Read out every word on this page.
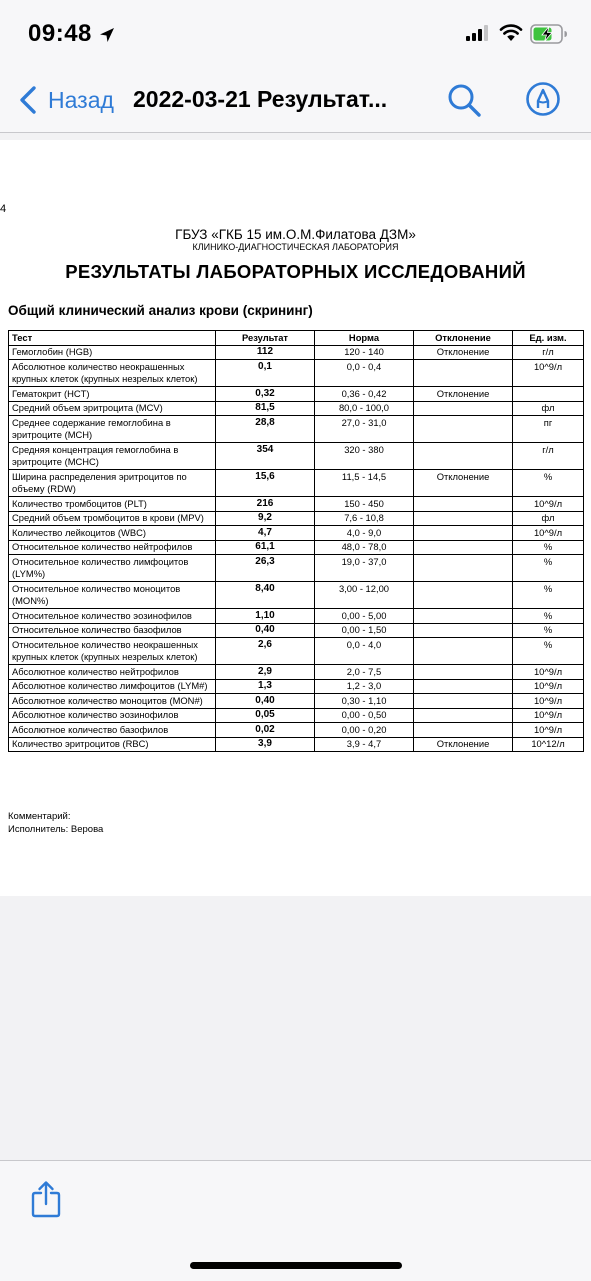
09:48
Назад 2022-03-21 Результат...
4
ГБУЗ «ГКБ 15 им.О.М.Филатова ДЗМ»
КЛИНИКО-ДИАГНОСТИЧЕСКАЯ ЛАБОРАТОРИЯ
РЕЗУЛЬТАТЫ ЛАБОРАТОРНЫХ ИССЛЕДОВАНИЙ
Общий клинический анализ крови (скрининг)
Тест	Результат	Норма	Отклонение	Ед. изм.
Гемоглобин (HGB)	112	120 - 140	Отклонение	г/л
Абсолютное количество неокрашенных крупных клеток (крупных незрелых клеток)	0,1	0,0 - 0,4		10^9/л
Гематокрит (HCT)	0,32	0,36 - 0,42	Отклонение	
Средний объем эритроцита (MCV)	81,5	80,0 - 100,0		фл
Среднее содержание гемоглобина в эритроците (MCH)	28,8	27,0 - 31,0		пг
Средняя концентрация гемоглобина в эритроците (MCHC)	354	320 - 380		г/л
Ширина распределения эритроцитов по объему (RDW)	15,6	11,5 - 14,5	Отклонение	%
Количество тромбоцитов (PLT)	216	150 - 450		10^9/л
Средний объем тромбоцитов в крови (MPV)	9,2	7,6 - 10,8		фл
Количество лейкоцитов (WBC)	4,7	4,0 - 9,0		10^9/л
Относительное количество нейтрофилов	61,1	48,0 - 78,0		%
Относительное количество лимфоцитов (LYM%)	26,3	19,0 - 37,0		%
Относительное количество моноцитов (MON%)	8,40	3,00 - 12,00		%
Относительное количество эозинофилов	1,10	0,00 - 5,00		%
Относительное количество базофилов	0,40	0,00 - 1,50		%
Относительное количество неокрашенных крупных клеток (крупных незрелых клеток)	2,6	0,0 - 4,0		%
Абсолютное количество нейтрофилов	2,9	2,0 - 7,5		10^9/л
Абсолютное количество лимфоцитов (LYM#)	1,3	1,2 - 3,0		10^9/л
Абсолютное количество моноцитов (MON#)	0,40	0,30 - 1,10		10^9/л
Абсолютное количество эозинофилов	0,05	0,00 - 0,50		10^9/л
Абсолютное количество базофилов	0,02	0,00 - 0,20		10^9/л
Количество эритроцитов (RBC)	3,9	3,9 - 4,7	Отклонение	10^12/л
Комментарий:
Исполнитель: Верова
